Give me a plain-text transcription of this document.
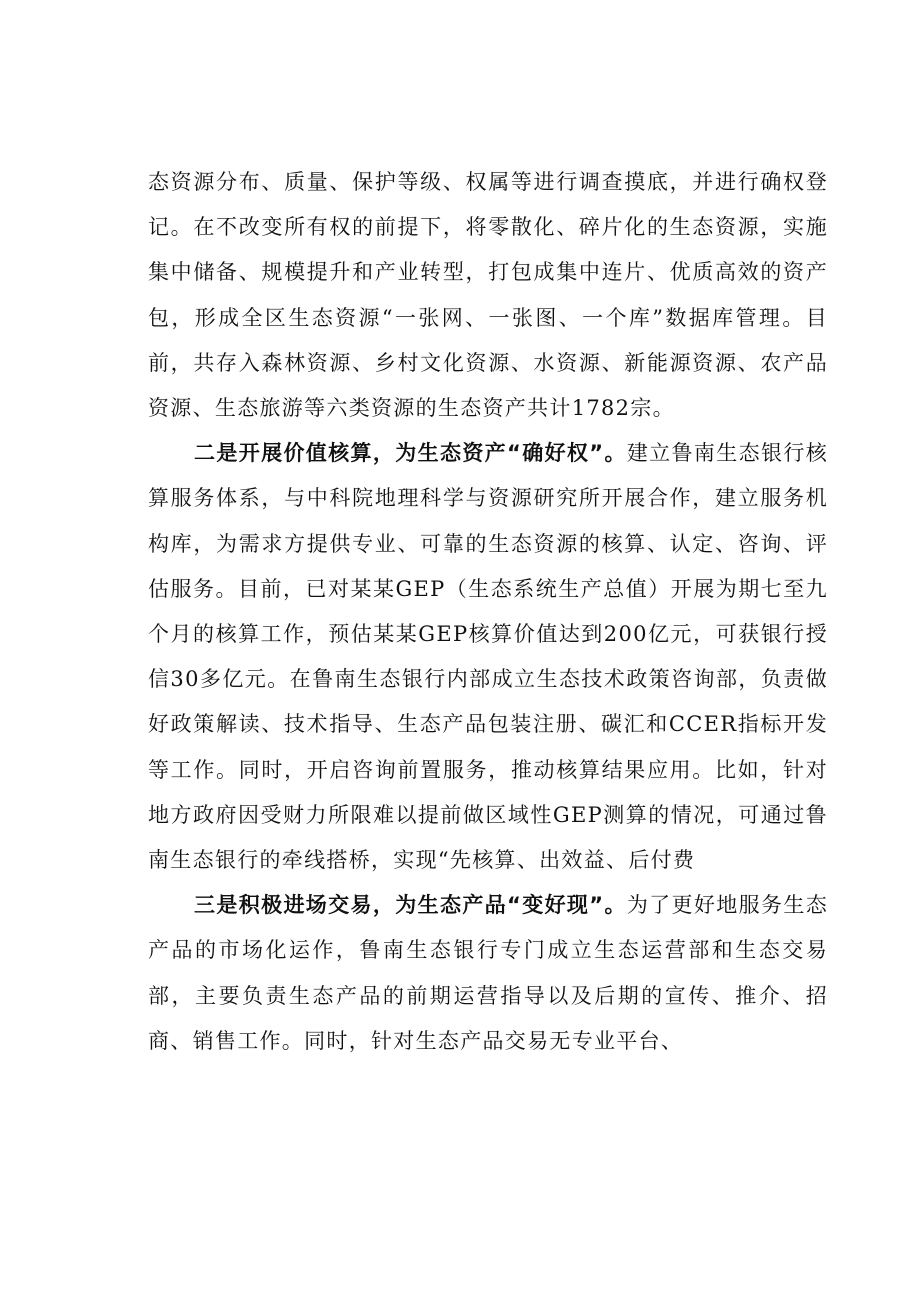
态资源分布、质量、保护等级、权属等进行调查摸底，并进行确权登记。在不改变所有权的前提下，将零散化、碎片化的生态资源，实施集中储备、规模提升和产业转型，打包成集中连片、优质高效的资产包，形成全区生态资源“一张网、一张图、一个库”数据库管理。目前，共存入森林资源、乡村文化资源、水资源、新能源资源、农产品资源、生态旅游等六类资源的生态资产共计1782宗。

二是开展价值核算，为生态资产“确好权”。建立鲁南生态银行核算服务体系，与中科院地理科学与资源研究所开展合作，建立服务机构库，为需求方提供专业、可靠的生态资源的核算、认定、咨询、评估服务。目前，已对某某GEP（生态系统生产总值）开展为期七至九个月的核算工作，预估某某GEP核算价值达到200亿元，可获银行授信30多亿元。在鲁南生态银行内部成立生态技术政策咨询部，负责做好政策解读、技术指导、生态产品包装注册、碳汇和CCER指标开发等工作。同时，开启咨询前置服务，推动核算结果应用。比如，针对地方政府因受财力所限难以提前做区域性GEP测算的情况，可通过鲁南生态银行的牵线搭桥，实现“先核算、出效益、后付费

三是积极进场交易，为生态产品“变好现”。为了更好地服务生态产品的市场化运作，鲁南生态银行专门成立生态运营部和生态交易部，主要负责生态产品的前期运营指导以及后期的宣传、推介、招商、销售工作。同时，针对生态产品交易无专业平台、
